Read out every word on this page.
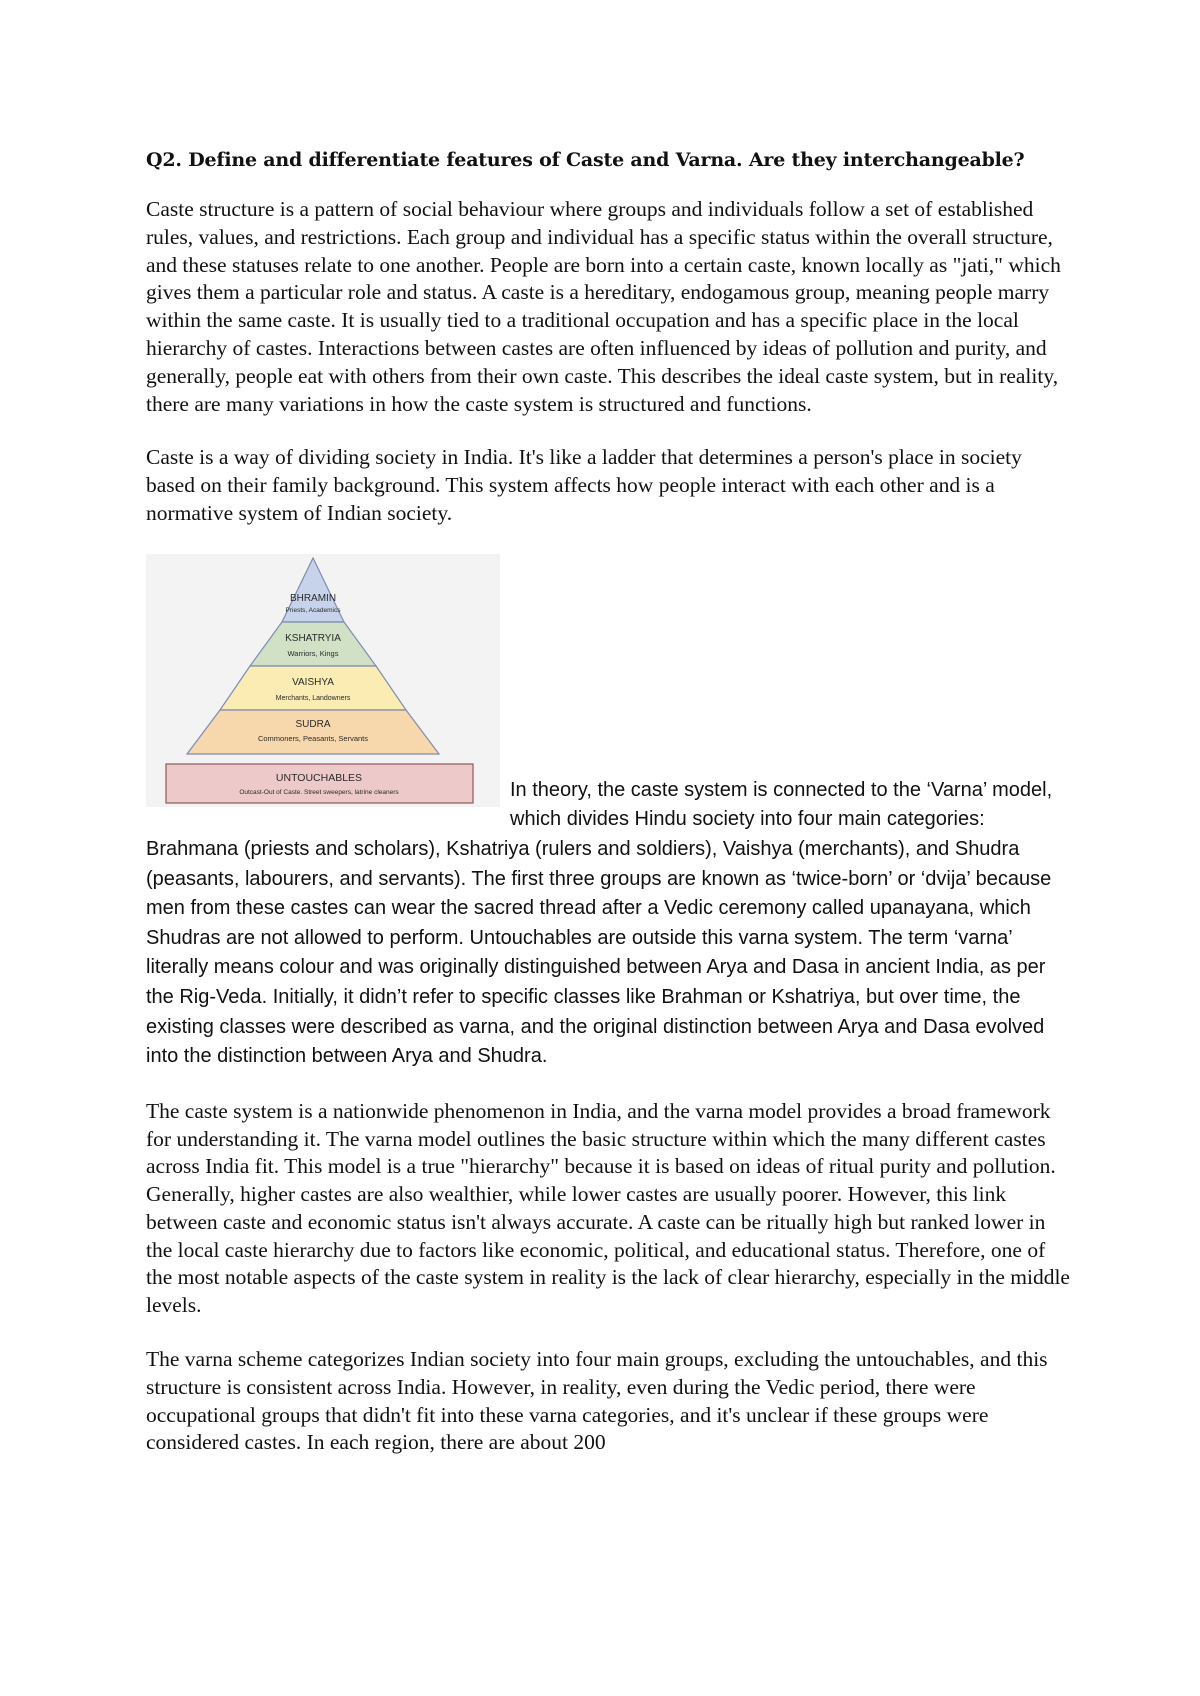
Q2. Define and differentiate features of Caste and Varna. Are they interchangeable?

Caste structure is a pattern of social behaviour where groups and individuals follow a set of established rules, values, and restrictions. Each group and individual has a specific status within the overall structure, and these statuses relate to one another. People are born into a certain caste, known locally as "jati," which gives them a particular role and status. A caste is a hereditary, endogamous group, meaning people marry within the same caste. It is usually tied to a traditional occupation and has a specific place in the local hierarchy of castes. Interactions between castes are often influenced by ideas of pollution and purity, and generally, people eat with others from their own caste. This describes the ideal caste system, but in reality, there are many variations in how the caste system is structured and functions.

Caste is a way of dividing society in India. It's like a ladder that determines a person's place in society based on their family background. This system affects how people interact with each other and is a normative system of Indian society.

BHRAMIN
Priests, Academics
KSHATRYIA
Warriors, Kings
VAISHYA
Merchants, Landowners
SUDRA
Commoners, Peasants, Servants
UNTOUCHABLES
Outcast-Out of Caste. Street sweepers, latrine cleaners	In theory, the caste system is connected to the ‘Varna’ model, which divides Hindu society into four main categories: Brahmana (priests and scholars), Kshatriya (rulers and soldiers), Vaishya (merchants), and Shudra (peasants, labourers, and servants). The first three groups are known as ‘twice-born’ or ‘dvija’ because men from these castes can wear the sacred thread after a Vedic ceremony called upanayana, which Shudras are not allowed to perform. Untouchables are outside this varna system. The term ‘varna’ literally means colour and was originally distinguished between Arya and Dasa in ancient India, as per the Rig-Veda. Initially, it didn’t refer to specific classes like Brahman or Kshatriya, but over time, the existing classes were described as varna, and the original distinction between Arya and Dasa evolved into the distinction between Arya and Shudra.

The caste system is a nationwide phenomenon in India, and the varna model provides a broad framework for understanding it. The varna model outlines the basic structure within which the many different castes across India fit. This model is a true "hierarchy" because it is based on ideas of ritual purity and pollution. Generally, higher castes are also wealthier, while lower castes are usually poorer. However, this link between caste and economic status isn't always accurate. A caste can be ritually high but ranked lower in the local caste hierarchy due to factors like economic, political, and educational status. Therefore, one of the most notable aspects of the caste system in reality is the lack of clear hierarchy, especially in the middle levels.

The varna scheme categorizes Indian society into four main groups, excluding the untouchables, and this structure is consistent across India. However, in reality, even during the Vedic period, there were occupational groups that didn't fit into these varna categories, and it's unclear if these groups were considered castes. In each region, there are about 200
